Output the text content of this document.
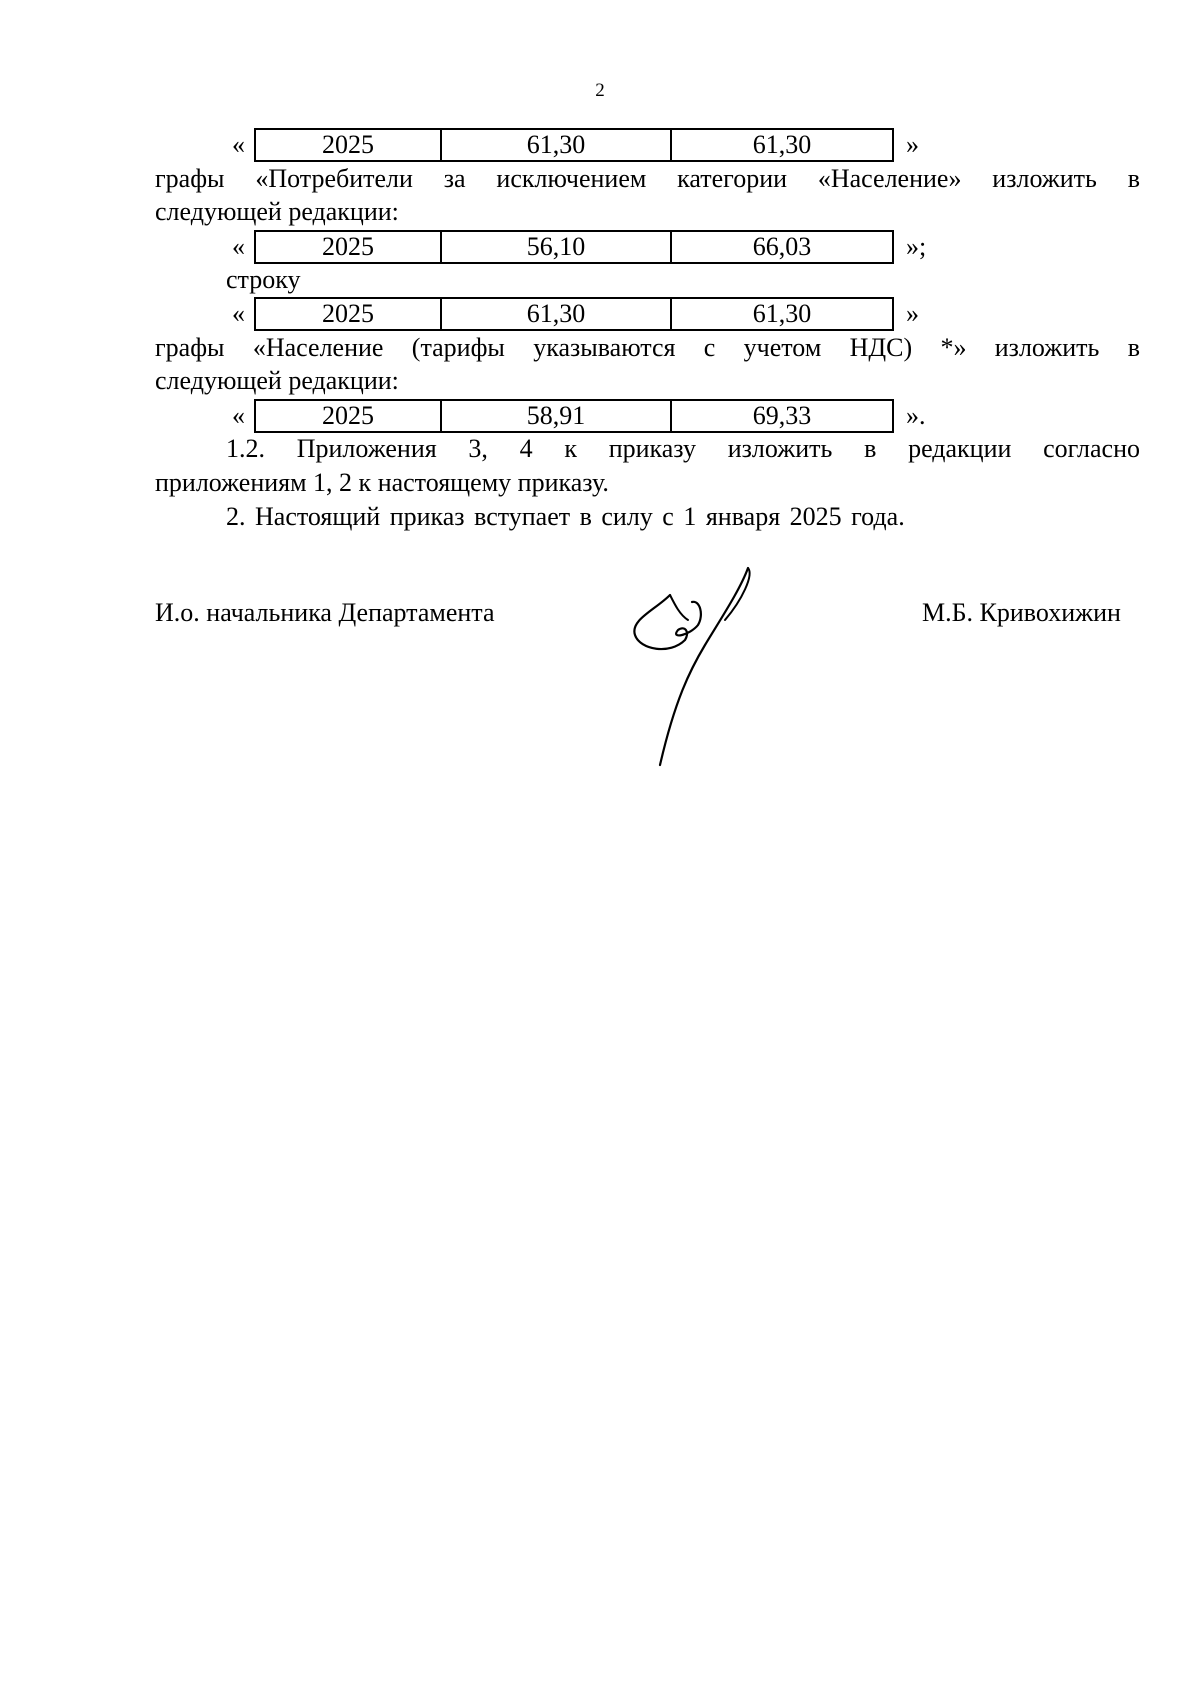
2
«	2025	61,30	61,30	»
графы «Потребители за исключением категории «Население» изложить в
следующей редакции:
«	2025	56,10	66,03	»;
строку
«	2025	61,30	61,30	»
графы «Население (тарифы указываются с учетом НДС) *» изложить в
следующей редакции:
«	2025	58,91	69,33	».
1.2. Приложения 3, 4 к приказу изложить в редакции согласно
приложениям 1, 2 к настоящему приказу.
2. Настоящий приказ вступает в силу с 1 января 2025 года.
И.о. начальника Департамента	М.Б. Кривохижин
